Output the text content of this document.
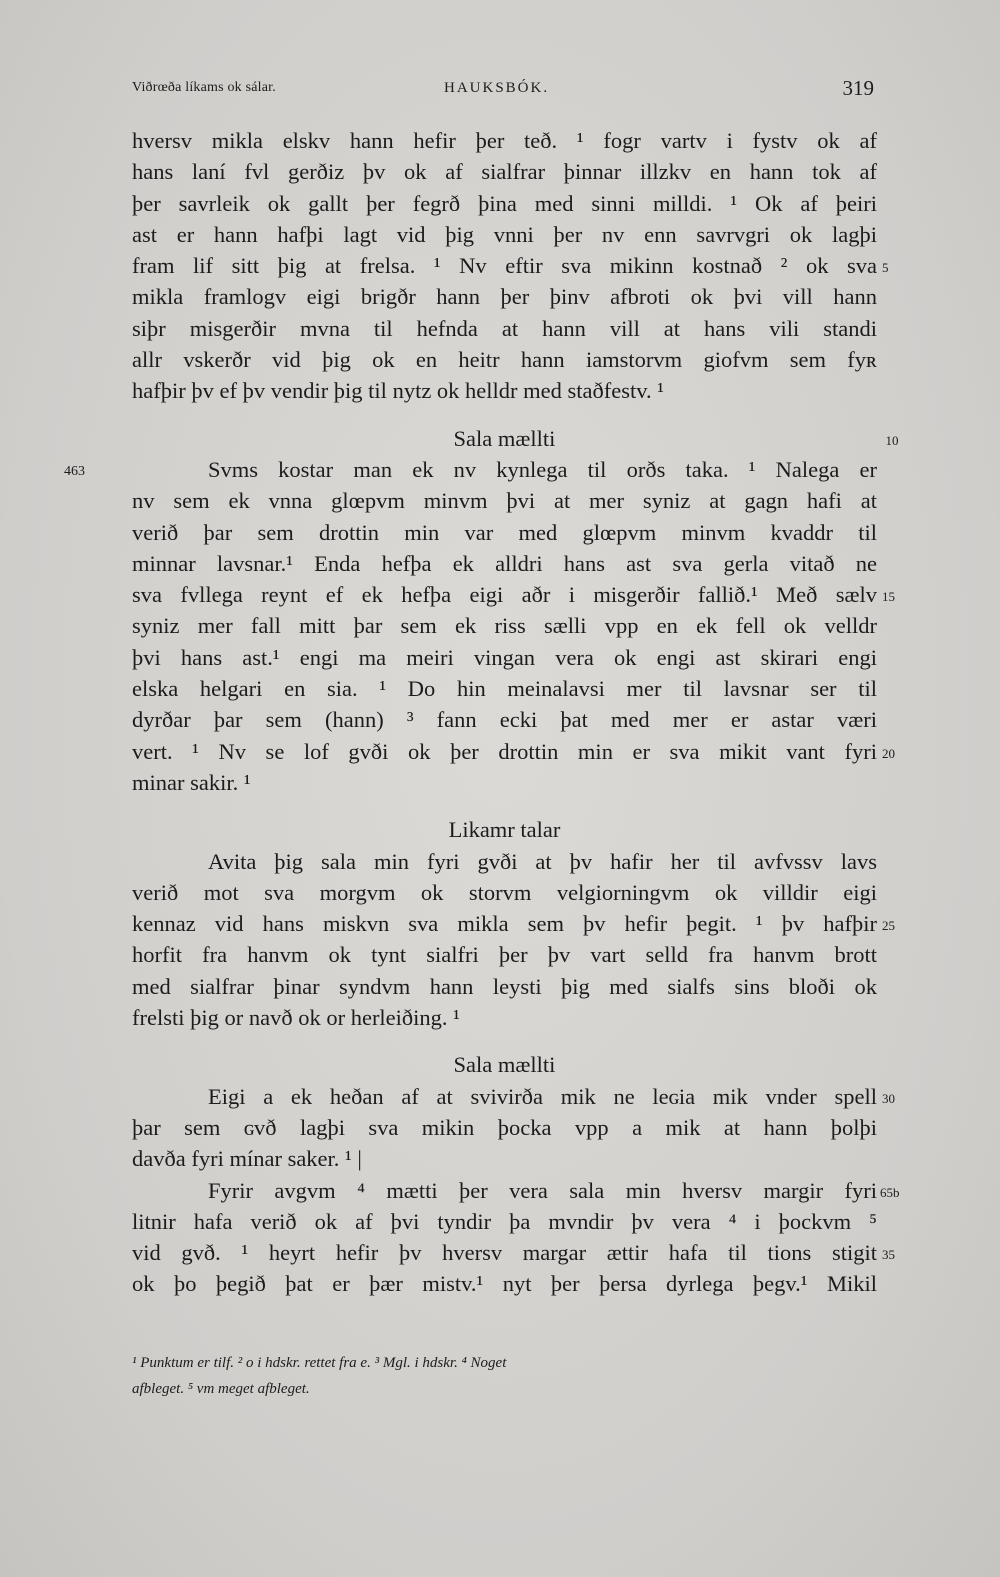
Viðrœða líkams ok sálar.	HAUKSBÓK.	319
hversv mikla elskv hann hefir þer teð. ¹ fogr vartv i fystv ok af
hans laní fvl gerðiz þv ok af sialfrar þinnar illzkv en hann tok af
þer savrleik ok gallt þer fegrð þina med sinni milldi. ¹ Ok af þeiri
ast er hann hafþi lagt vid þig vnni þer nv enn savrvgri ok lagþi
fram lif sitt þig at frelsa. ¹ Nv eftir sva mikinn kostnað ² ok sva 5
mikla framlogv eigi brigðr hann þer þinv afbroti ok þvi vill hann
siþr misgerðir mvna til hefnda at hann vill at hans vili standi
allr vskerðr vid þig ok en heitr hann iamstorvm giofvm sem fyʀ
hafþir þv ef þv vendir þig til nytz ok helldr med staðfestv. ¹
Sala mællti	10
Svms kostar man ek nv kynlega til orðs taka. ¹ Nalega er
463
nv sem ek vnna glœpvm minvm þvi at mer syniz at gagn hafi at
verið þar sem drottin min var med glœpvm minvm kvaddr til
minnar lavsnar.¹ Enda hefþa ek alldri hans ast sva gerla vitað ne
sva fvllega reynt ef ek hefþa eigi aðr i misgerðir fallið.¹ Með sælv 15
syniz mer fall mitt þar sem ek riss sælli vpp en ek fell ok velldr
þvi hans ast.¹ engi ma meiri vingan vera ok engi ast skirari engi
elska helgari en sia. ¹ Do hin meinalavsi mer til lavsnar ser til
dyrðar þar sem (hann) ³ fann ecki þat med mer er astar væri
vert. ¹ Nv se lof gvði ok þer drottin min er sva mikit vant fyri 20
minar sakir. ¹
Likamr talar
Avita þig sala min fyri gvði at þv hafir her til avfvssv lavs
verið mot sva morgvm ok storvm velgiorningvm ok villdir eigi
kennaz vid hans miskvn sva mikla sem þv hefir þegit. ¹ þv hafþir 25
horfit fra hanvm ok tynt sialfri þer þv vart selld fra hanvm brott
med sialfrar þinar syndvm hann leysti þig med sialfs sins bloði ok
frelsti þig or navð ok or herleiðing. ¹
Sala mællti
Eigi a ek heðan af at svivirða mik ne leɢia mik vnder spell 30
þar sem ɢvð lagþi sva mikin þocka vpp a mik at hann þolþi
davða fyri mínar saker. ¹ |
Fyrir avgvm ⁴ mætti þer vera sala min hversv margir fyri 65b
litnir hafa verið ok af þvi tyndir þa mvndir þv vera ⁴ i þockvm ⁵
vid gvð. ¹ heyrt hefir þv hversv margar ættir hafa til tions stigit 35
ok þo þegið þat er þær mistv.¹ nyt þer þersa dyrlega þegv.¹ Mikil
¹ Punktum er tilf. ² o i hdskr. rettet fra e. ³ Mgl. i hdskr. ⁴ Noget
afbleget. ⁵ vm meget afbleget.
